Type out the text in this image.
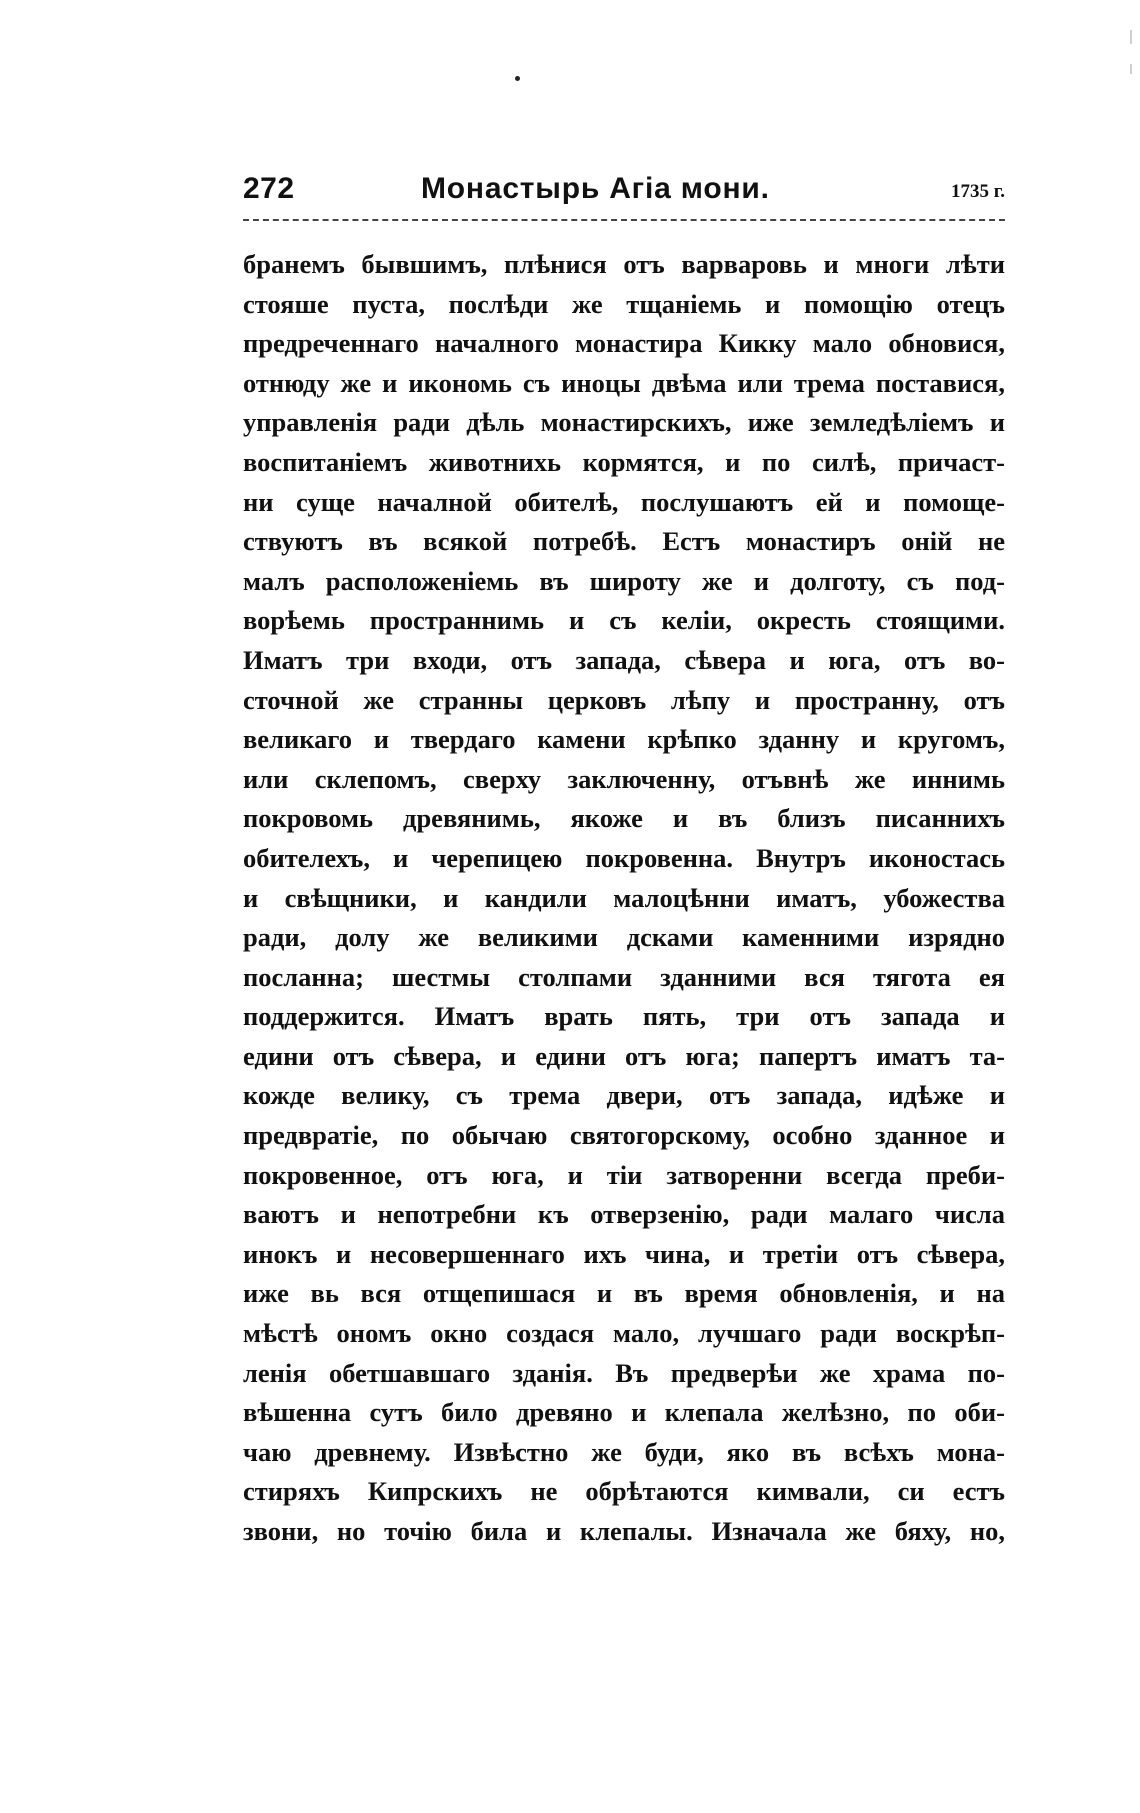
272	Монастырь Агіа мони.	1735 г.
бранемъ бывшимъ, плѣнися отъ варваровь и многи лѣти
стояше пуста, послѣди же тщаніемь и помощію отецъ
предреченнаго началного монастира Кикку мало обновися,
отнюду же и икономь съ иноцы двѣма или трема поставися,
управленія ради дѣль монастирскихъ, иже земледѣліемъ и
воспитаніемъ животнихь кормятся, и по силѣ, причаст-
ни суще началной обителѣ, послушаютъ ей и помоще-
ствуютъ въ всякой потребѣ. Естъ монастиръ оній не
малъ расположеніемь въ широту же и долготу, съ под-
ворѣемь пространнимь и съ келіи, окресть стоящими.
Иматъ три входи, отъ запада, сѣвера и юга, отъ во-
сточной же странны церковъ лѣпу и пространну, отъ
великаго и твердаго камени крѣпко зданну и кругомъ,
или склепомъ, сверху заключенну, отъвнѣ же иннимь
покровомь древянимь, якоже и въ близъ писаннихъ
обителехъ, и черепицею покровенна. Внутръ иконостась
и свѣщники, и кандили малоцѣнни иматъ, убожества
ради, долу же великими дсками каменними изрядно
посланна; шестмы столпами зданними вся тягота ея
поддержится. Иматъ врать пять, три отъ запада и
едини отъ сѣвера, и едини отъ юга; папертъ иматъ та-
кожде велику, съ трема двери, отъ запада, идѣже и
предвратіе, по обычаю святогорскому, особно зданное и
покровенное, отъ юга, и тіи затворенни всегда преби-
ваютъ и непотребни къ отверзенію, ради малаго числа
инокъ и несовершеннаго ихъ чина, и третіи отъ сѣвера,
иже вь вся отщепишася и въ время обновленія, и на
мѣстѣ ономъ окно создася мало, лучшаго ради воскрѣп-
ленія обетшавшаго зданія. Въ предверѣи же храма по-
вѣшенна сутъ било древяно и клепала желѣзно, по оби-
чаю древнему. Извѣстно же буди, яко въ всѣхъ мона-
стиряхъ Кипрскихъ не обрѣтаются кимвали, си естъ
звони, но точію била и клепалы. Изначала же бяху, но,
